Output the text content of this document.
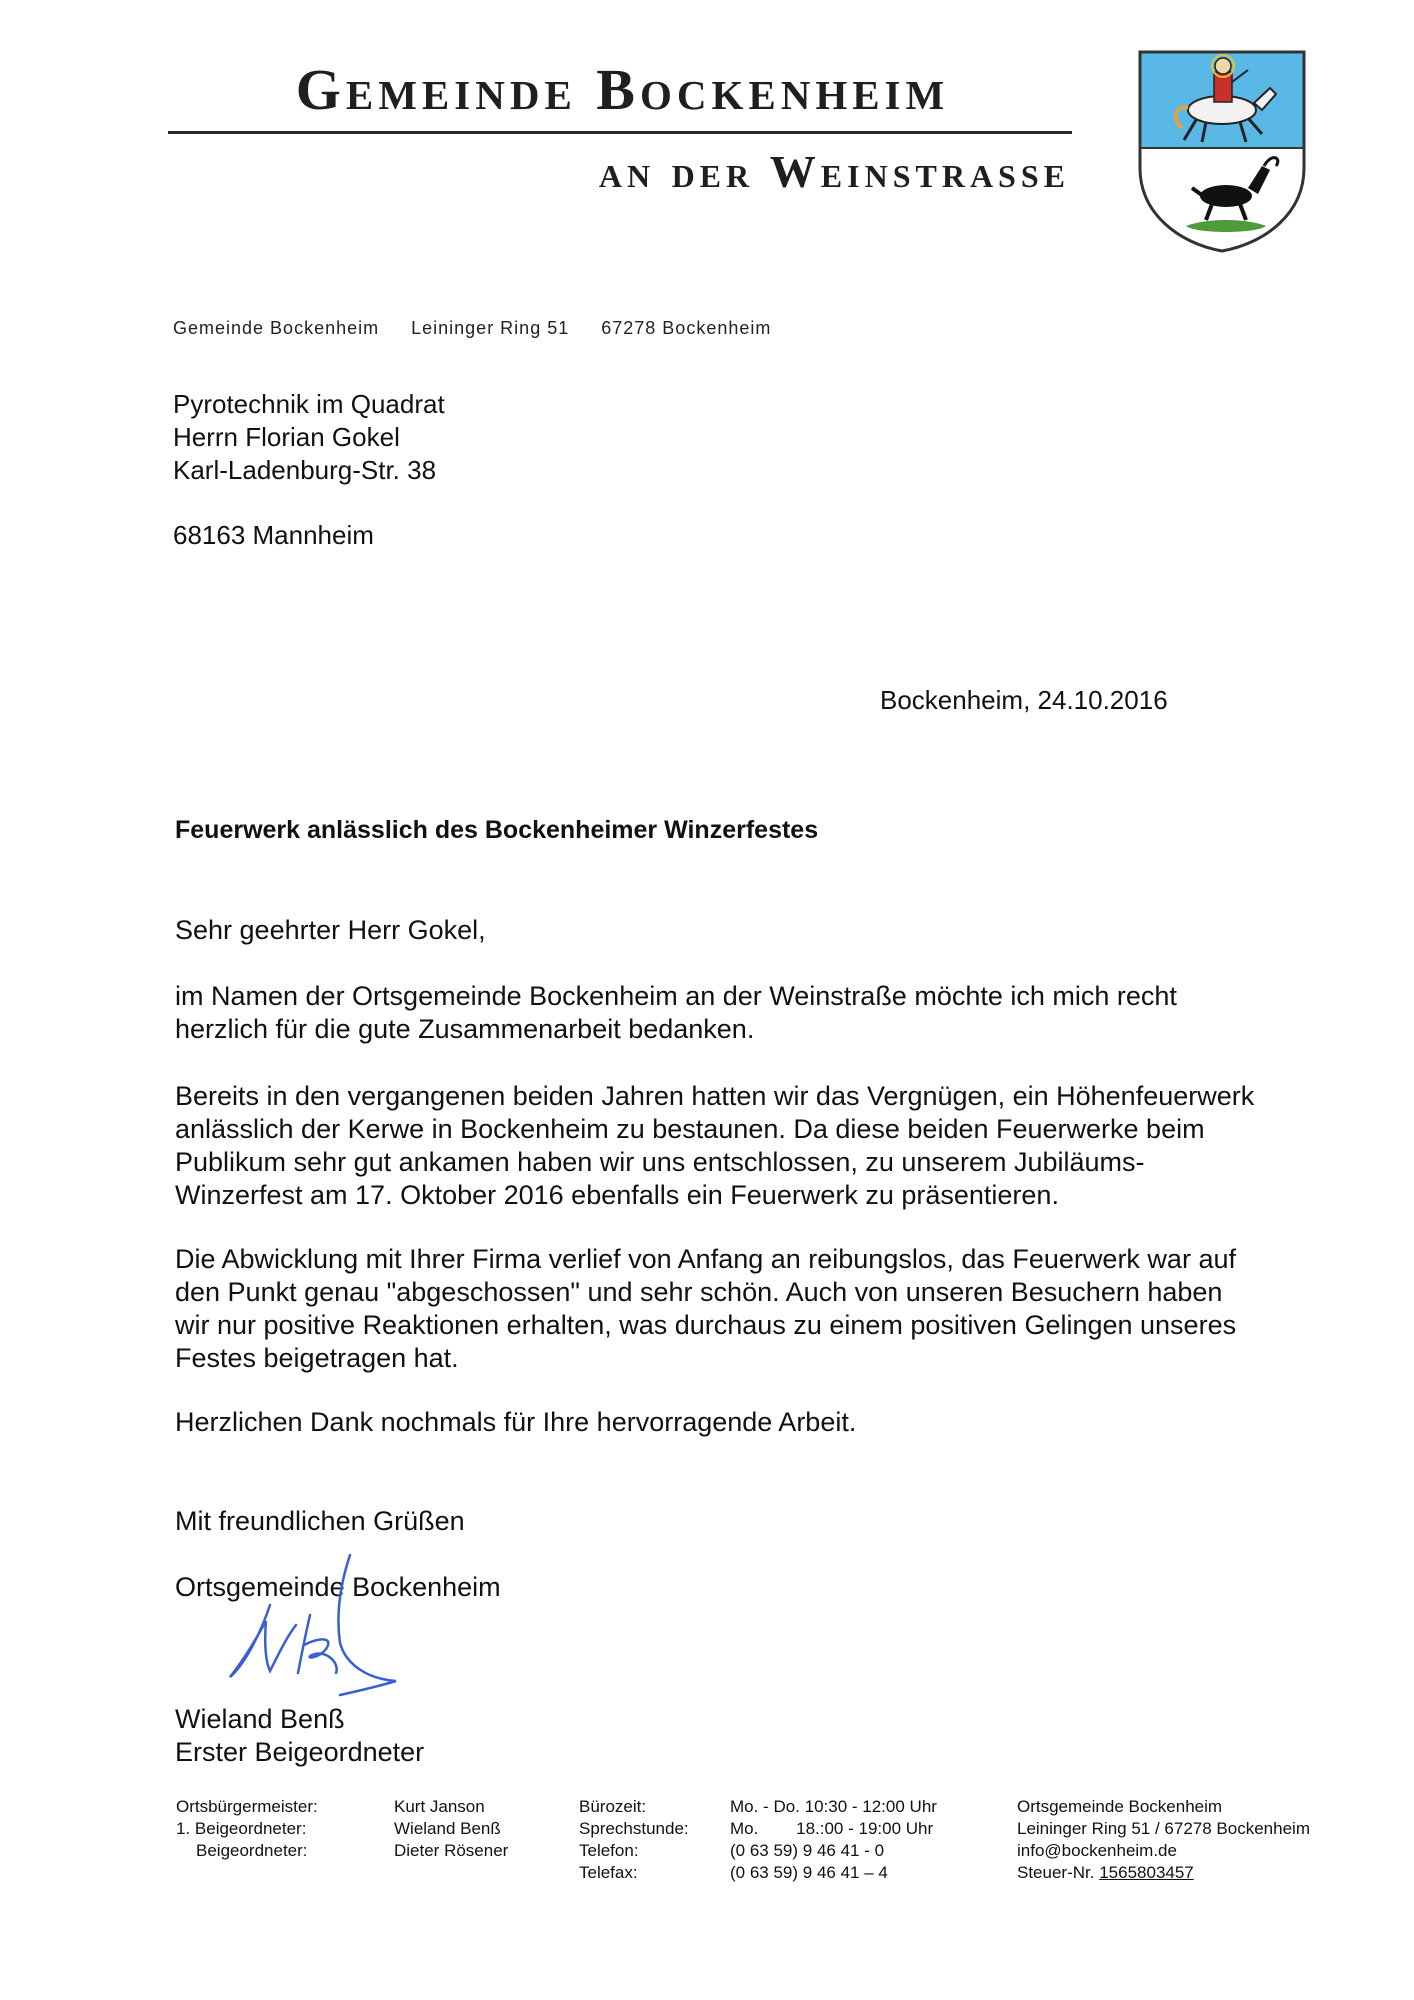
Gemeinde Bockenheim
an der Weinstrasse
Gemeinde Bockenheim Leininger Ring 51 67278 Bockenheim
Pyrotechnik im Quadrat
Herrn Florian Gokel
Karl-Ladenburg-Str. 38
68163 Mannheim
Bockenheim, 24.10.2016
Feuerwerk anlässlich des Bockenheimer Winzerfestes
Sehr geehrter Herr Gokel,
im Namen der Ortsgemeinde Bockenheim an der Weinstraße möchte ich mich recht
herzlich für die gute Zusammenarbeit bedanken.
Bereits in den vergangenen beiden Jahren hatten wir das Vergnügen, ein Höhenfeuerwerk
anlässlich der Kerwe in Bockenheim zu bestaunen. Da diese beiden Feuerwerke beim
Publikum sehr gut ankamen haben wir uns entschlossen, zu unserem Jubiläums-
Winzerfest am 17. Oktober 2016 ebenfalls ein Feuerwerk zu präsentieren.
Die Abwicklung mit Ihrer Firma verlief von Anfang an reibungslos, das Feuerwerk war auf
den Punkt genau "abgeschossen" und sehr schön. Auch von unseren Besuchern haben
wir nur positive Reaktionen erhalten, was durchaus zu einem positiven Gelingen unseres
Festes beigetragen hat.
Herzlichen Dank nochmals für Ihre hervorragende Arbeit.
Mit freundlichen Grüßen
Ortsgemeinde Bockenheim
Wieland Benß
Erster Beigeordneter
Ortsbürgermeister:
1. Beigeordneter:
Beigeordneter:
Kurt Janson
Wieland Benß
Dieter Rösener
Bürozeit:
Sprechstunde:
Telefon:
Telefax:
Mo. - Do. 10:30 - 12:00 Uhr
Mo.        18.:00 - 19:00 Uhr
(0 63 59) 9 46 41 - 0
(0 63 59) 9 46 41 – 4
Ortsgemeinde Bockenheim
Leininger Ring 51 / 67278 Bockenheim
info@bockenheim.de
Steuer-Nr. 1565803457
